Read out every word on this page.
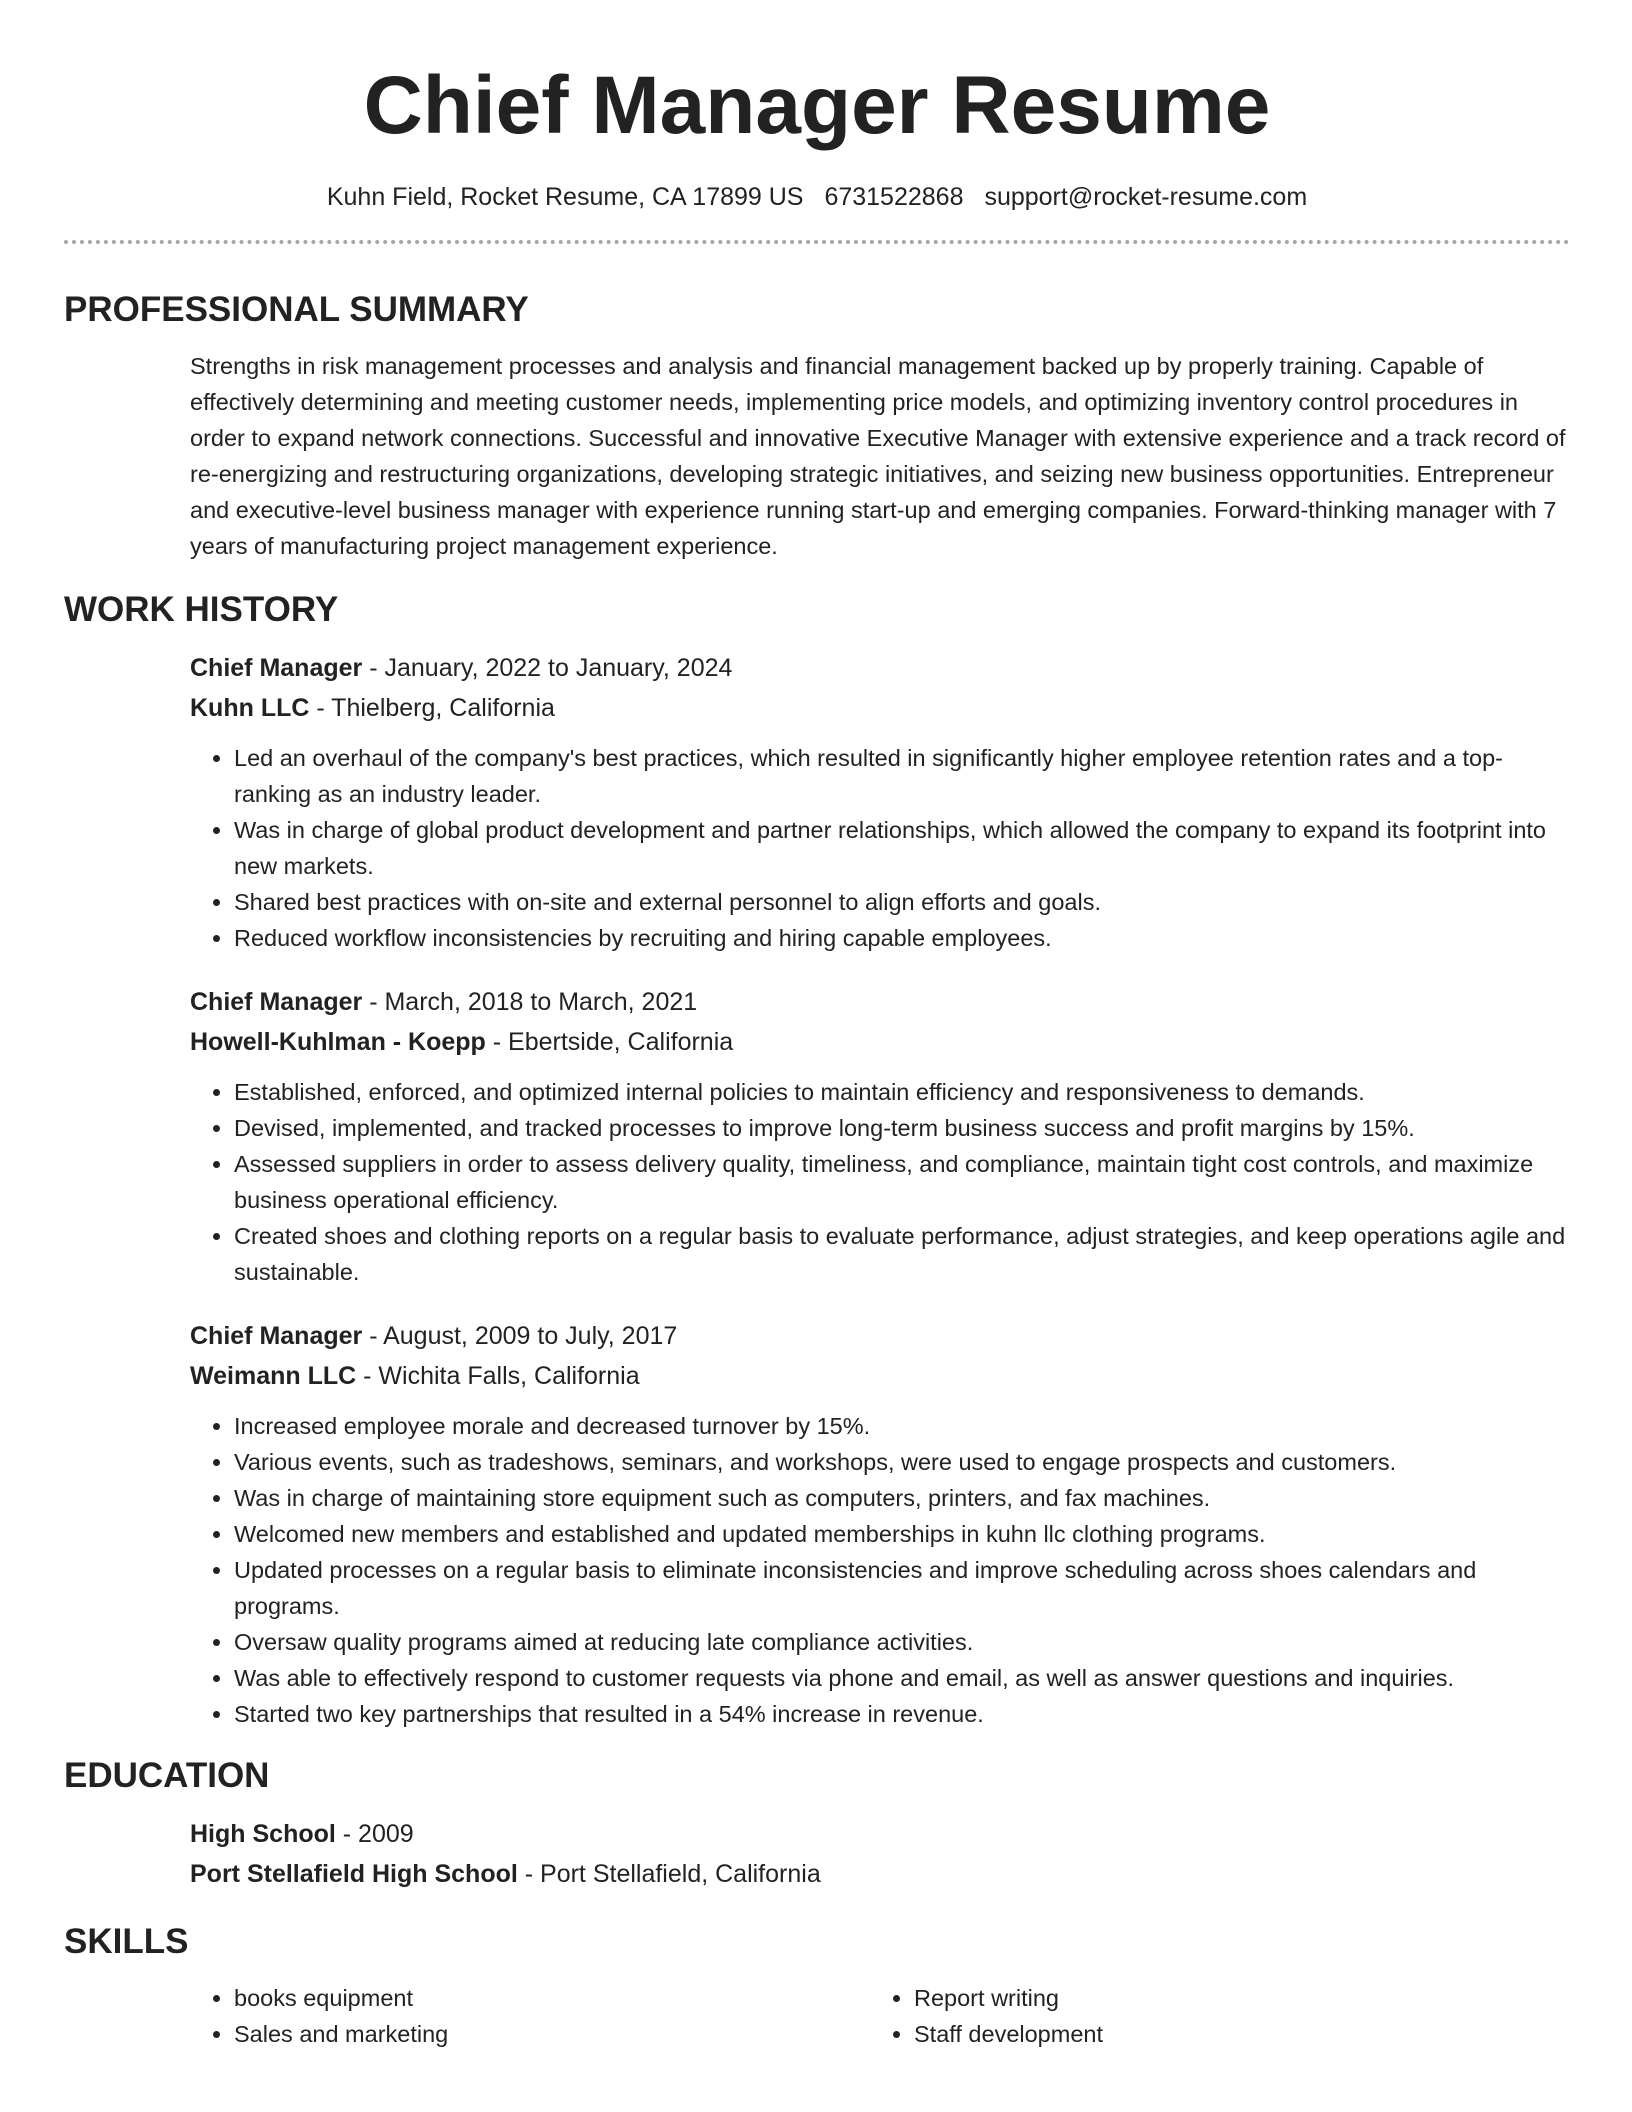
Chief Manager Resume
Kuhn Field, Rocket Resume, CA 17899 US 6731522868 support@rocket-resume.com
PROFESSIONAL SUMMARY

Strengths in risk management processes and analysis and financial management backed up by properly training. Capable of effectively determining and meeting customer needs, implementing price models, and optimizing inventory control procedures in order to expand network connections. Successful and innovative Executive Manager with extensive experience and a track record of re-energizing and restructuring organizations, developing strategic initiatives, and seizing new business opportunities. Entrepreneur and executive-level business manager with experience running start-up and emerging companies. Forward-thinking manager with 7 years of manufacturing project management experience.

WORK HISTORY
Chief Manager - January, 2022 to January, 2024
Kuhn LLC - Thielberg, California
• Led an overhaul of the company's best practices, which resulted in significantly higher employee retention rates and a top-ranking as an industry leader.
• Was in charge of global product development and partner relationships, which allowed the company to expand its footprint into new markets.
• Shared best practices with on-site and external personnel to align efforts and goals.
• Reduced workflow inconsistencies by recruiting and hiring capable employees.
Chief Manager - March, 2018 to March, 2021
Howell-Kuhlman - Koepp - Ebertside, California
• Established, enforced, and optimized internal policies to maintain efficiency and responsiveness to demands.
• Devised, implemented, and tracked processes to improve long-term business success and profit margins by 15%.
• Assessed suppliers in order to assess delivery quality, timeliness, and compliance, maintain tight cost controls, and maximize business operational efficiency.
• Created shoes and clothing reports on a regular basis to evaluate performance, adjust strategies, and keep operations agile and sustainable.
Chief Manager - August, 2009 to July, 2017
Weimann LLC - Wichita Falls, California
• Increased employee morale and decreased turnover by 15%.
• Various events, such as tradeshows, seminars, and workshops, were used to engage prospects and customers.
• Was in charge of maintaining store equipment such as computers, printers, and fax machines.
• Welcomed new members and established and updated memberships in kuhn llc clothing programs.
• Updated processes on a regular basis to eliminate inconsistencies and improve scheduling across shoes calendars and programs.
• Oversaw quality programs aimed at reducing late compliance activities.
• Was able to effectively respond to customer requests via phone and email, as well as answer questions and inquiries.
• Started two key partnerships that resulted in a 54% increase in revenue.
EDUCATION
High School - 2009
Port Stellafield High School - Port Stellafield, California
SKILLS
• books equipment
• Sales and marketing
• Report writing
• Staff development
